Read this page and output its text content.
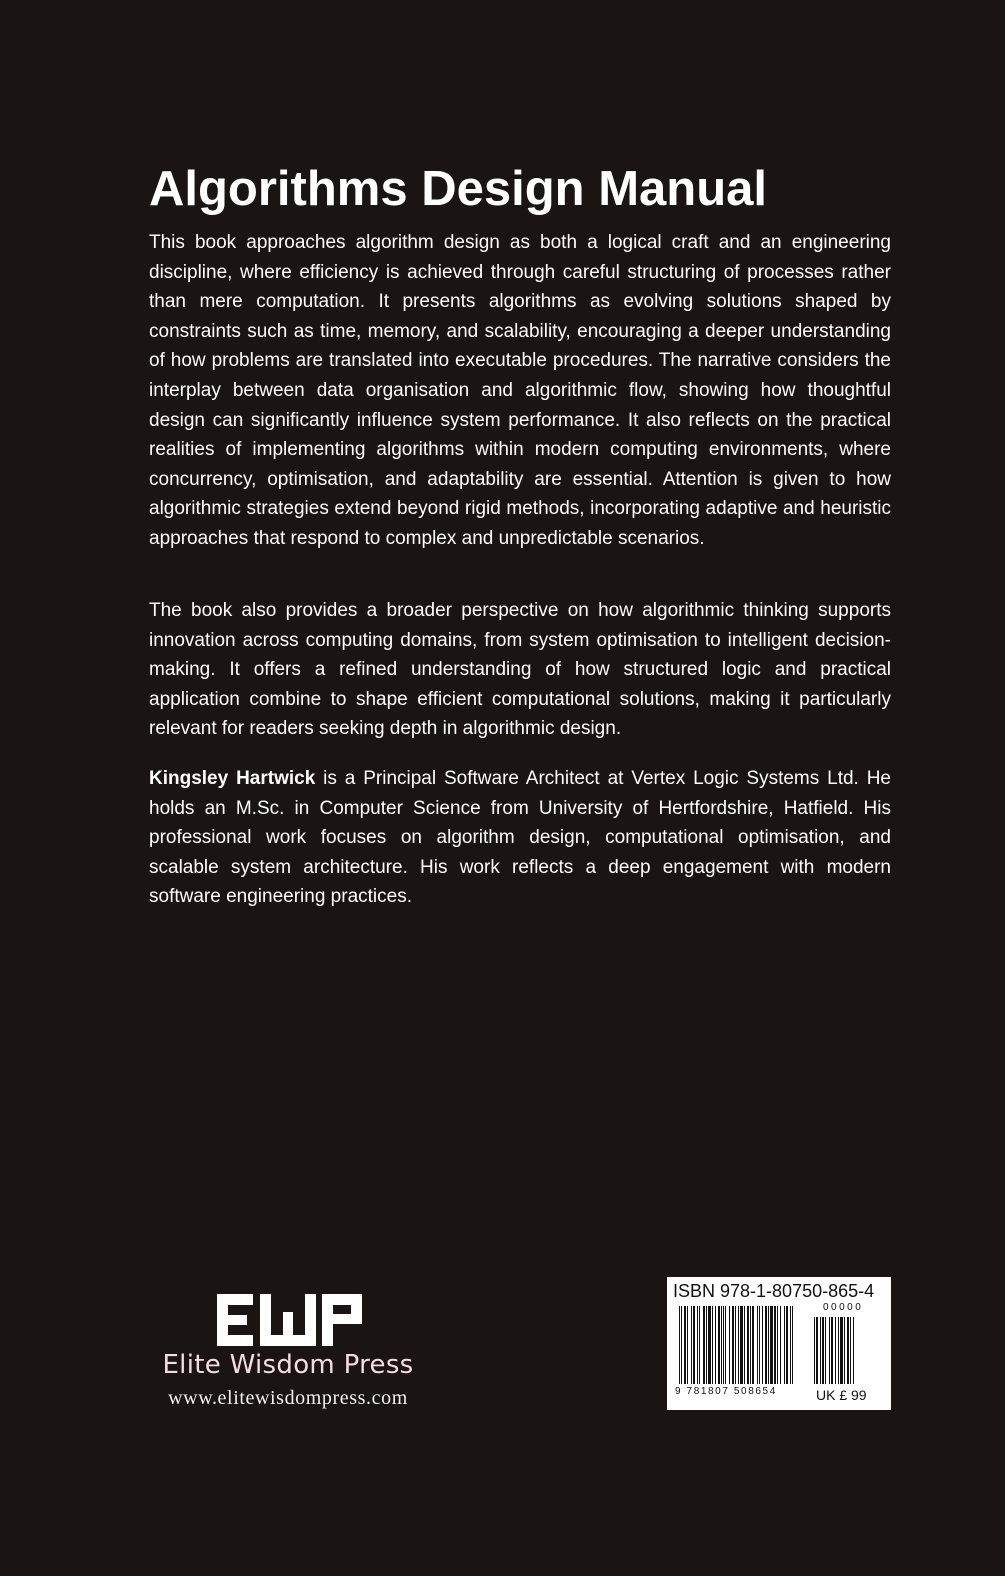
Algorithms Design Manual

This book approaches algorithm design as both a logical craft and an engineering discipline, where efficiency is achieved through careful structuring of processes rather than mere computation. It presents algorithms as evolving solutions shaped by constraints such as time, memory, and scalability, encouraging a deeper understanding of how problems are translated into executable procedures. The narrative considers the interplay between data organisation and algorithmic flow, showing how thoughtful design can significantly influence system performance. It also reflects on the practical realities of implementing algorithms within modern computing environments, where concurrency, optimisation, and adaptability are essential. Attention is given to how algorithmic strategies extend beyond rigid methods, incorporating adaptive and heuristic approaches that respond to complex and unpredictable scenarios.

The book also provides a broader perspective on how algorithmic thinking supports innovation across computing domains, from system optimisation to intelligent decision-making. It offers a refined understanding of how structured logic and practical application combine to shape efficient computational solutions, making it particularly relevant for readers seeking depth in algorithmic design.

Kingsley Hartwick is a Principal Software Architect at Vertex Logic Systems Ltd. He holds an M.Sc. in Computer Science from University of Hertfordshire, Hatfield. His professional work focuses on algorithm design, computational optimisation, and scalable system architecture. His work reflects a deep engagement with modern software engineering practices.

Elite Wisdom Press
www.elitewisdompress.com
ISBN 978-1-80750-865-4
00000
9 781807 508654	UK £ 99
